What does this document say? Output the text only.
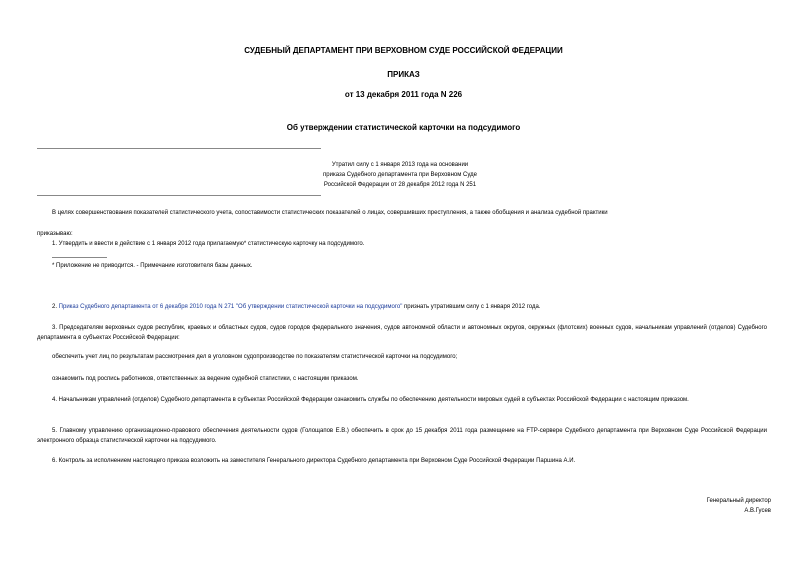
СУДЕБНЫЙ ДЕПАРТАМЕНТ ПРИ ВЕРХОВНОМ СУДЕ РОССИЙСКОЙ ФЕДЕРАЦИИ
ПРИКАЗ
от 13 декабря 2011 года N 226
Об утверждении статистической карточки на подсудимого
Утратил силу с 1 января 2013 года на основании
приказа Судебного департамента при Верховном Суде
Российской Федерации от 28 декабря 2012 года N 251
В целях совершенствования показателей статистического учета, сопоставимости статистических показателей о лицах, совершивших преступления, а также обобщения и анализа судебной практики
приказываю:
1. Утвердить и ввести в действие с 1 января 2012 года прилагаемую* статистическую карточку на подсудимого.
* Приложение не приводится. - Примечание изготовителя базы данных.
2. Приказ Судебного департамента от 6 декабря 2010 года N 271 "Об утверждении статистической карточки на подсудимого" признать утратившим силу с 1 января 2012 года.
3. Председателям верховных судов республик, краевых и областных судов, судов городов федерального значения, судов автономной области и автономных округов, окружных (флотских) военных судов, начальникам управлений (отделов) Судебного департамента в субъектах Российской Федерации:
обеспечить учет лиц по результатам рассмотрения дел в уголовном судопроизводстве по показателям статистической карточки на подсудимого;
ознакомить под роспись работников, ответственных за ведение судебной статистики, с настоящим приказом.
4. Начальникам управлений (отделов) Судебного департамента в субъектах Российской Федерации ознакомить службы по обеспечению деятельности мировых судей в субъектах Российской Федерации с настоящим приказом.
5. Главному управлению организационно-правового обеспечения деятельности судов (Голощапов Е.В.) обеспечить в срок до 15 декабря 2011 года размещение на FTP-сервере Судебного департамента при Верховном Суде Российской Федерации электронного образца статистической карточки на подсудимого.
6. Контроль за исполнением настоящего приказа возложить на заместителя Генерального директора Судебного департамента при Верховном Суде Российской Федерации Паршина А.И.
Генеральный директор
А.В.Гусев
